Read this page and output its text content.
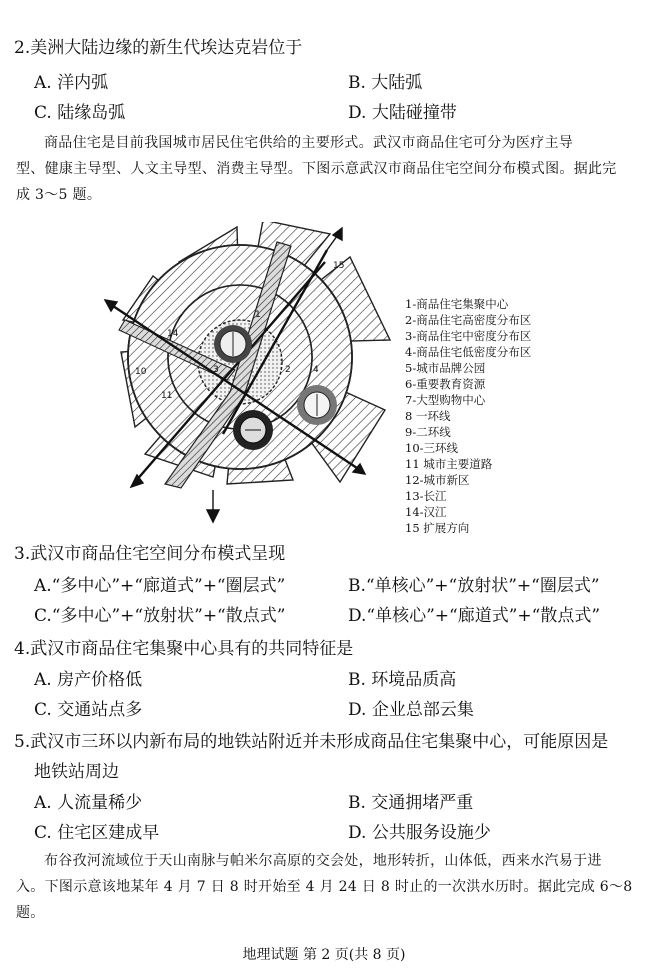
2.美洲大陆边缘的新生代埃达克岩位于
A. 洋内弧	B. 大陆弧
C. 陆缘岛弧	D. 大陆碰撞带

商品住宅是目前我国城市居民住宅供给的主要形式。武汉市商品住宅可分为医疗主导

型、健康主导型、人文主导型、消费主导型。下图示意武汉市商品住宅空间分布模式图。据此完

成 3～5 题。

1
2
3	4
10
14
11
15
1-商品住宅集聚中心
2-商品住宅高密度分布区
3-商品住宅中密度分布区
4-商品住宅低密度分布区
5-城市品牌公园
6-重要教育资源
7-大型购物中心
8 一环线
9-二环线
10-三环线
11 城市主要道路
12-城市新区
13-长江
14-汉江
15 扩展方向
3.武汉市商品住宅空间分布模式呈现
A.“多中心”+“廊道式”+“圈层式”	B.“单核心”+“放射状”+“圈层式”
C.“多中心”+“放射状”+“散点式”	D.“单核心”+“廊道式”+“散点式”
4.武汉市商品住宅集聚中心具有的共同特征是
A. 房产价格低	B. 环境品质高
C. 交通站点多	D. 企业总部云集
5.武汉市三环以内新布局的地铁站附近并未形成商品住宅集聚中心，可能原因是
地铁站周边
A. 人流量稀少	B. 交通拥堵严重
C. 住宅区建成早	D. 公共服务设施少

布谷孜河流域位于天山南脉与帕米尔高原的交会处，地形转折，山体低，西来水汽易于进

入。下图示意该地某年 4 月 7 日 8 时开始至 4 月 24 日 8 时止的一次洪水历时。据此完成 6～8

题。

地理试题 第 2 页(共 8 页)
